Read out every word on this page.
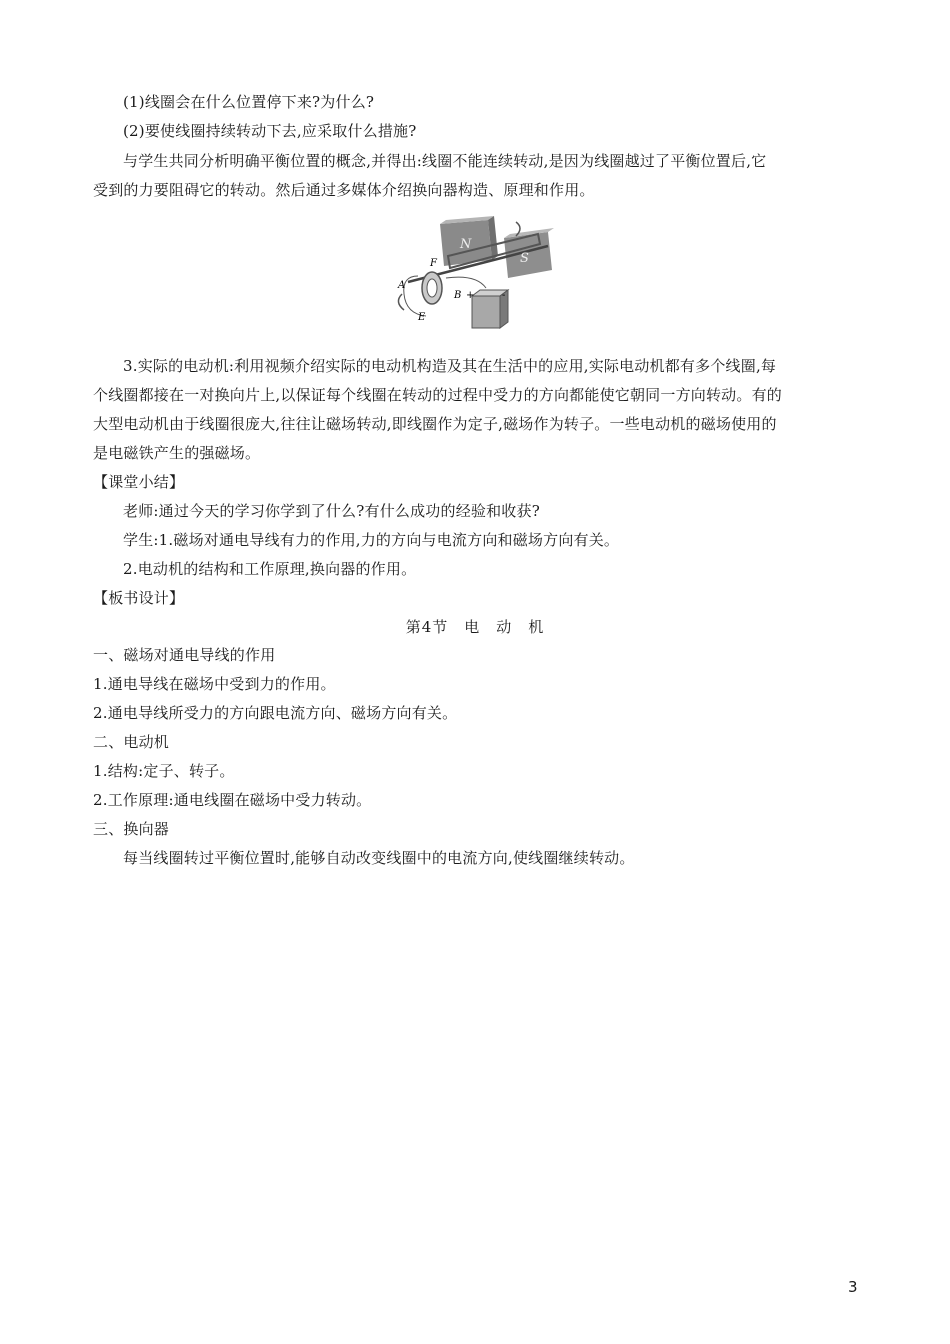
(1)线圈会在什么位置停下来?为什么?
(2)要使线圈持续转动下去,应采取什么措施?
与学生共同分析明确平衡位置的概念,并得出:线圈不能连续转动,是因为线圈越过了平衡位置后,它
受到的力要阻碍它的转动。然后通过多媒体介绍换向器构造、原理和作用。
N
S
F
A
B
E
+	-
3.实际的电动机:利用视频介绍实际的电动机构造及其在生活中的应用,实际电动机都有多个线圈,每
个线圈都接在一对换向片上,以保证每个线圈在转动的过程中受力的方向都能使它朝同一方向转动。有的
大型电动机由于线圈很庞大,往往让磁场转动,即线圈作为定子,磁场作为转子。一些电动机的磁场使用的
是电磁铁产生的强磁场。
【课堂小结】
老师:通过今天的学习你学到了什么?有什么成功的经验和收获?
学生:1.磁场对通电导线有力的作用,力的方向与电流方向和磁场方向有关。
2.电动机的结构和工作原理,换向器的作用。
【板书设计】
第4节　电　动　机
一、磁场对通电导线的作用
1.通电导线在磁场中受到力的作用。
2.通电导线所受力的方向跟电流方向、磁场方向有关。
二、电动机
1.结构:定子、转子。
2.工作原理:通电线圈在磁场中受力转动。
三、换向器
每当线圈转过平衡位置时,能够自动改变线圈中的电流方向,使线圈继续转动。
3
